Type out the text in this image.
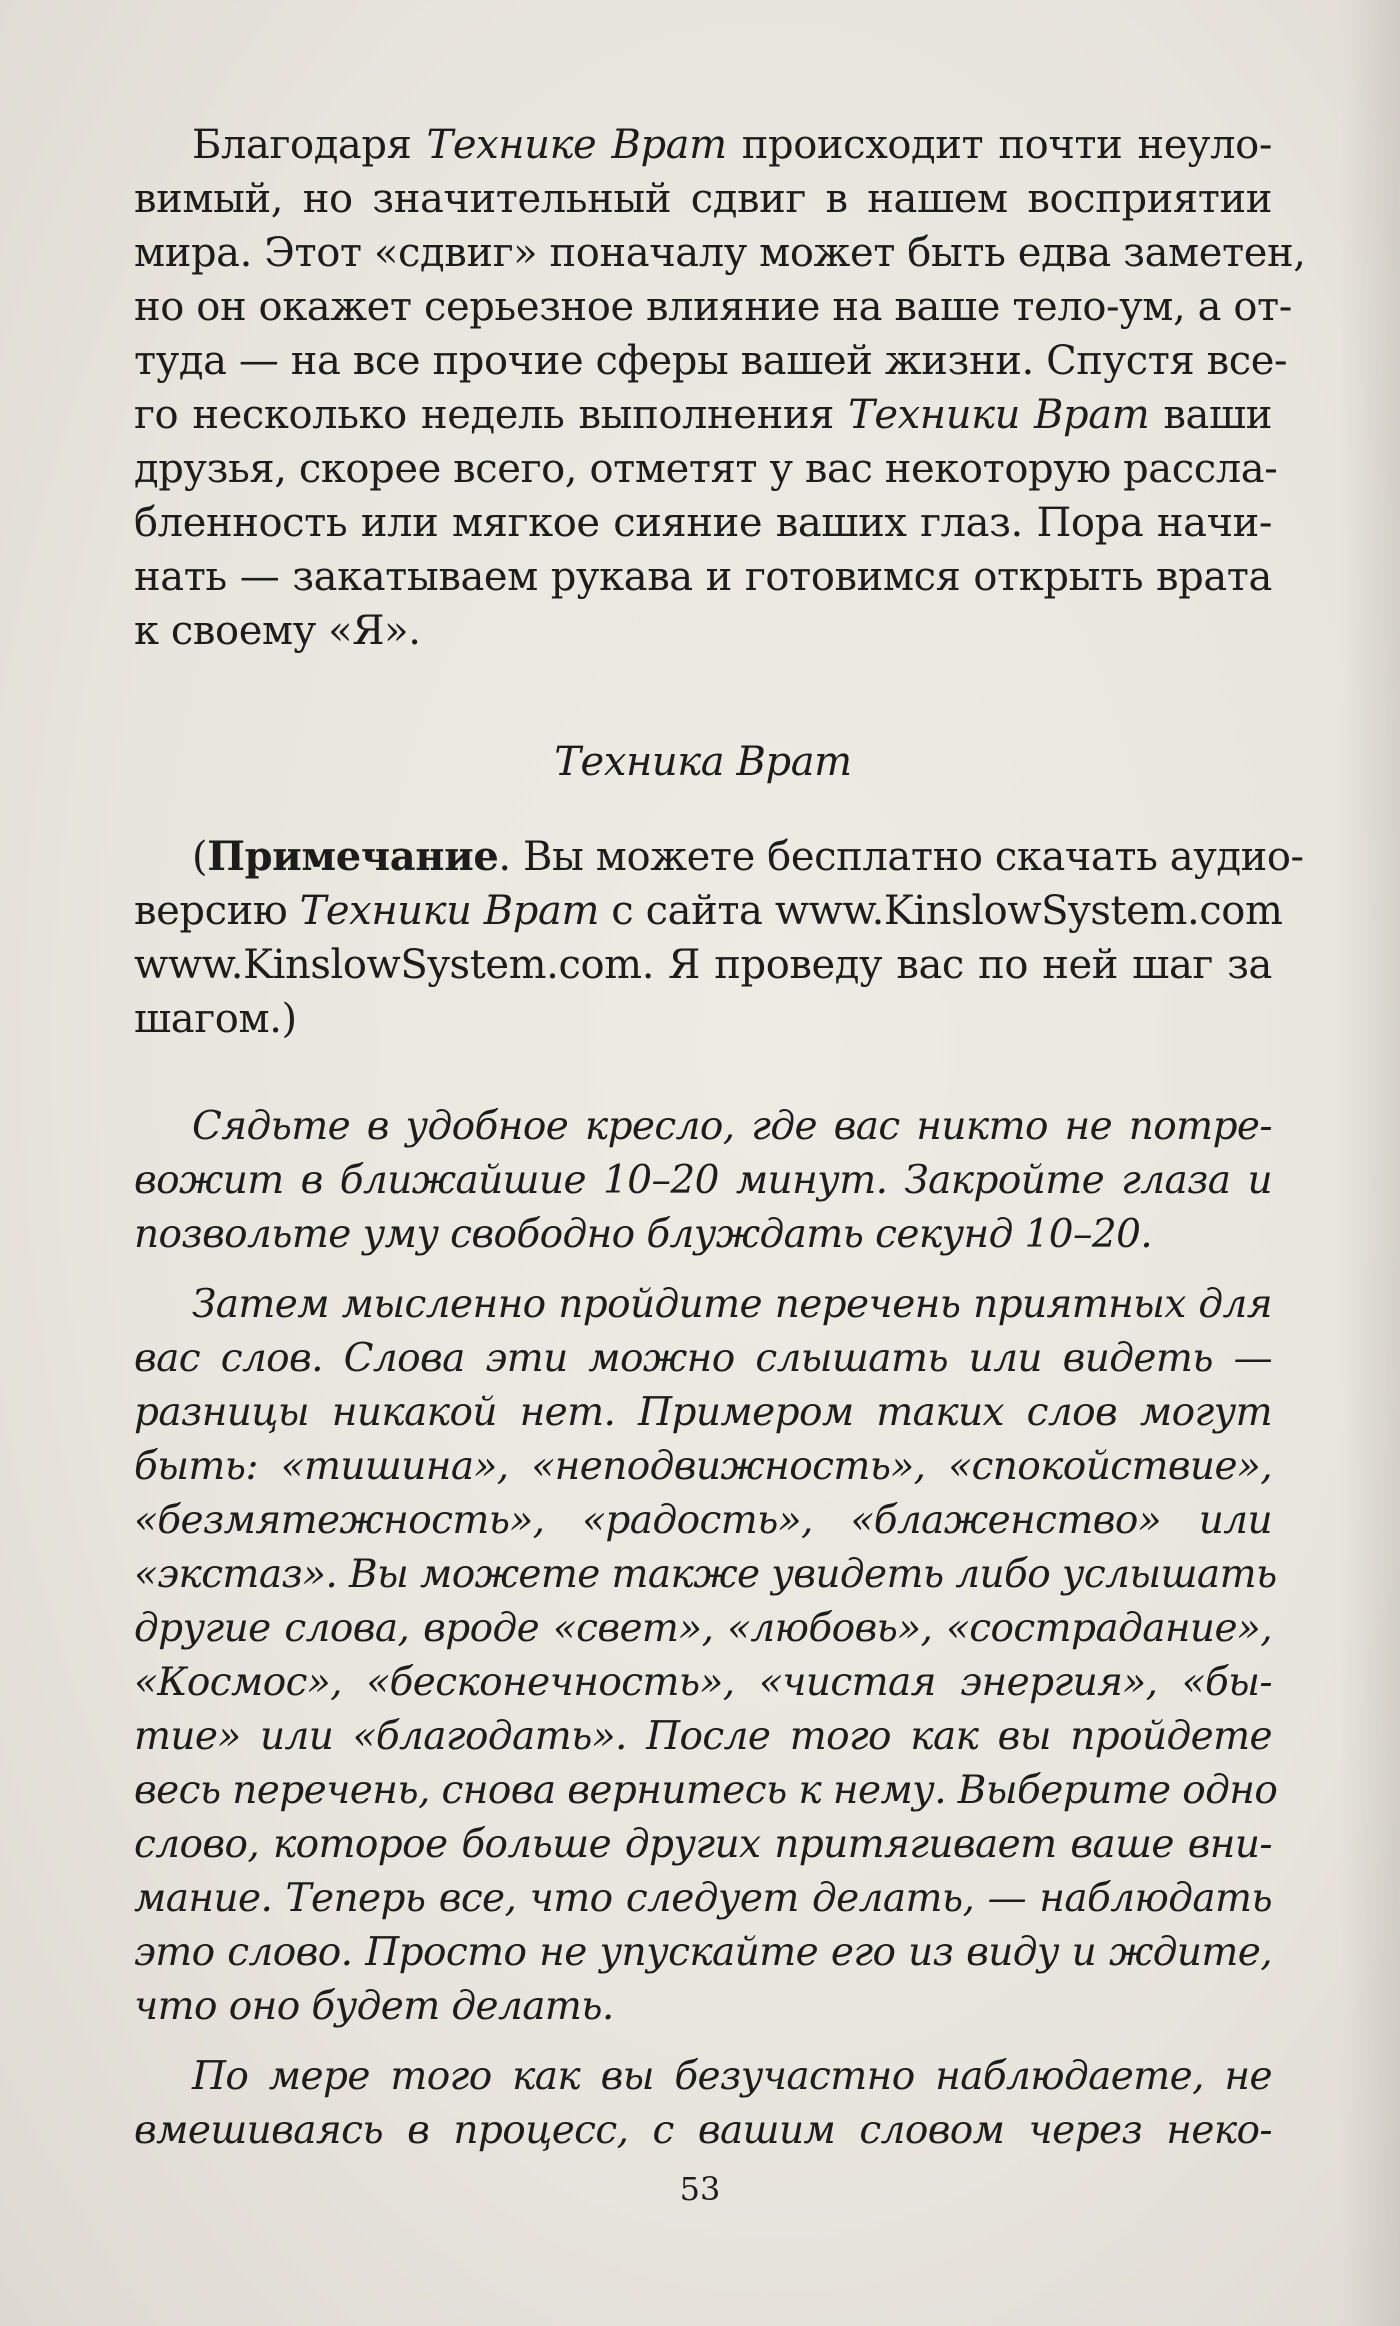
Благодаря Технике Врат происходит почти неуло-
вимый, но значительный сдвиг в нашем восприятии
мира. Этот «сдвиг» поначалу может быть едва заметен,
но он окажет серьезное влияние на ваше тело-ум, а от-
туда — на все прочие сферы вашей жизни. Спустя все-
го несколько недель выполнения Техники Врат ваши
друзья, скорее всего, отметят у вас некоторую рассла-
бленность или мягкое сияние ваших глаз. Пора начи-
нать — закатываем рукава и готовимся открыть врата
к своему «Я».
Техника Врат
(Примечание. Вы можете бесплатно скачать аудио-
версию Техники Врат с сайта www.KinslowSystem.com
www.KinslowSystem.com. Я проведу вас по ней шаг за
шагом.)
Сядьте в удобное кресло, где вас никто не потре-
вожит в ближайшие 10–20 минут. Закройте глаза и
позвольте уму свободно блуждать секунд 10–20.
Затем мысленно пройдите перечень приятных для
вас слов. Слова эти можно слышать или видеть —
разницы никакой нет. Примером таких слов могут
быть: «тишина», «неподвижность», «спокойствие»,
«безмятежность», «радость», «блаженство» или
«экстаз». Вы можете также увидеть либо услышать
другие слова, вроде «свет», «любовь», «сострадание»,
«Космос», «бесконечность», «чистая энергия», «бы-
тие» или «благодать». После того как вы пройдете
весь перечень, снова вернитесь к нему. Выберите одно
слово, которое больше других притягивает ваше вни-
мание. Теперь все, что следует делать, — наблюдать
это слово. Просто не упускайте его из виду и ждите,
что оно будет делать.
По мере того как вы безучастно наблюдаете, не
вмешиваясь в процесс, с вашим словом через неко-
53
